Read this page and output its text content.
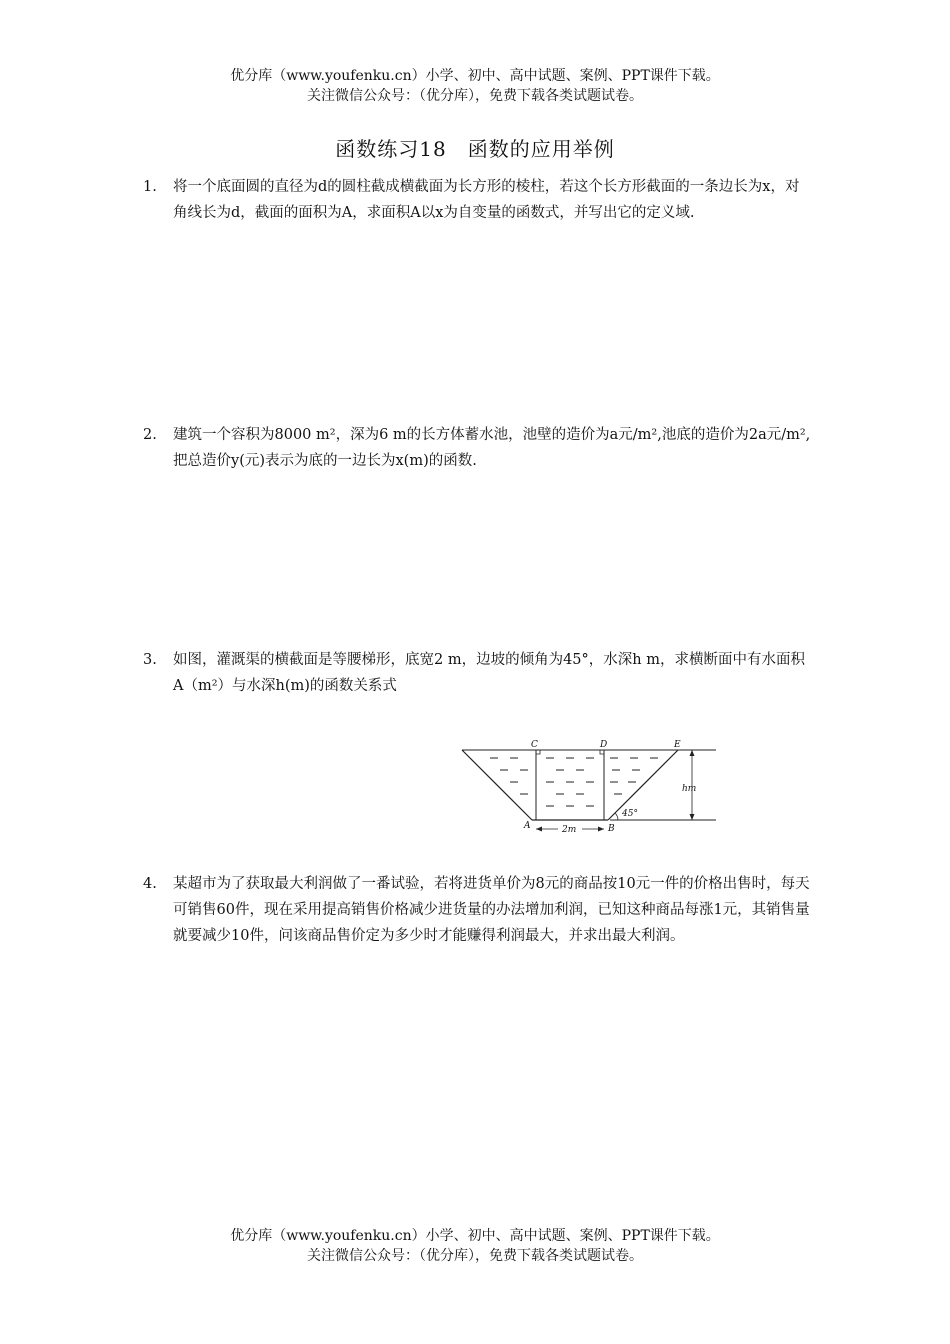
优分库（www.youfenku.cn）小学、初中、高中试题、案例、PPT课件下载。
关注微信公众号：（优分库），免费下载各类试题试卷。
函数练习18　函数的应用举例
1.	将一个底面圆的直径为d的圆柱截成横截面为长方形的棱柱，若这个长方形截面的一条边长为x，对角线长为d，截面的面积为A，求面积A以x为自变量的函数式，并写出它的定义域.
2.	建筑一个容积为8000 m²，深为6 m的长方体蓄水池，池壁的造价为a元/m²,池底的造价为2a元/m²,把总造价y(元)表示为底的一边长为x(m)的函数.
3.	如图，灌溉渠的横截面是等腰梯形，底宽2 m，边坡的倾角为45°，水深h m，求横断面中有水面积A（m²）与水深h(m)的函数关系式
C	D	E
A	B
hm
45°
2m
4.	某超市为了获取最大利润做了一番试验，若将进货单价为8元的商品按10元一件的价格出售时，每天可销售60件，现在采用提高销售价格减少进货量的办法增加利润，已知这种商品每涨1元，其销售量就要减少10件，问该商品售价定为多少时才能赚得利润最大，并求出最大利润。
优分库（www.youfenku.cn）小学、初中、高中试题、案例、PPT课件下载。
关注微信公众号：（优分库），免费下载各类试题试卷。
